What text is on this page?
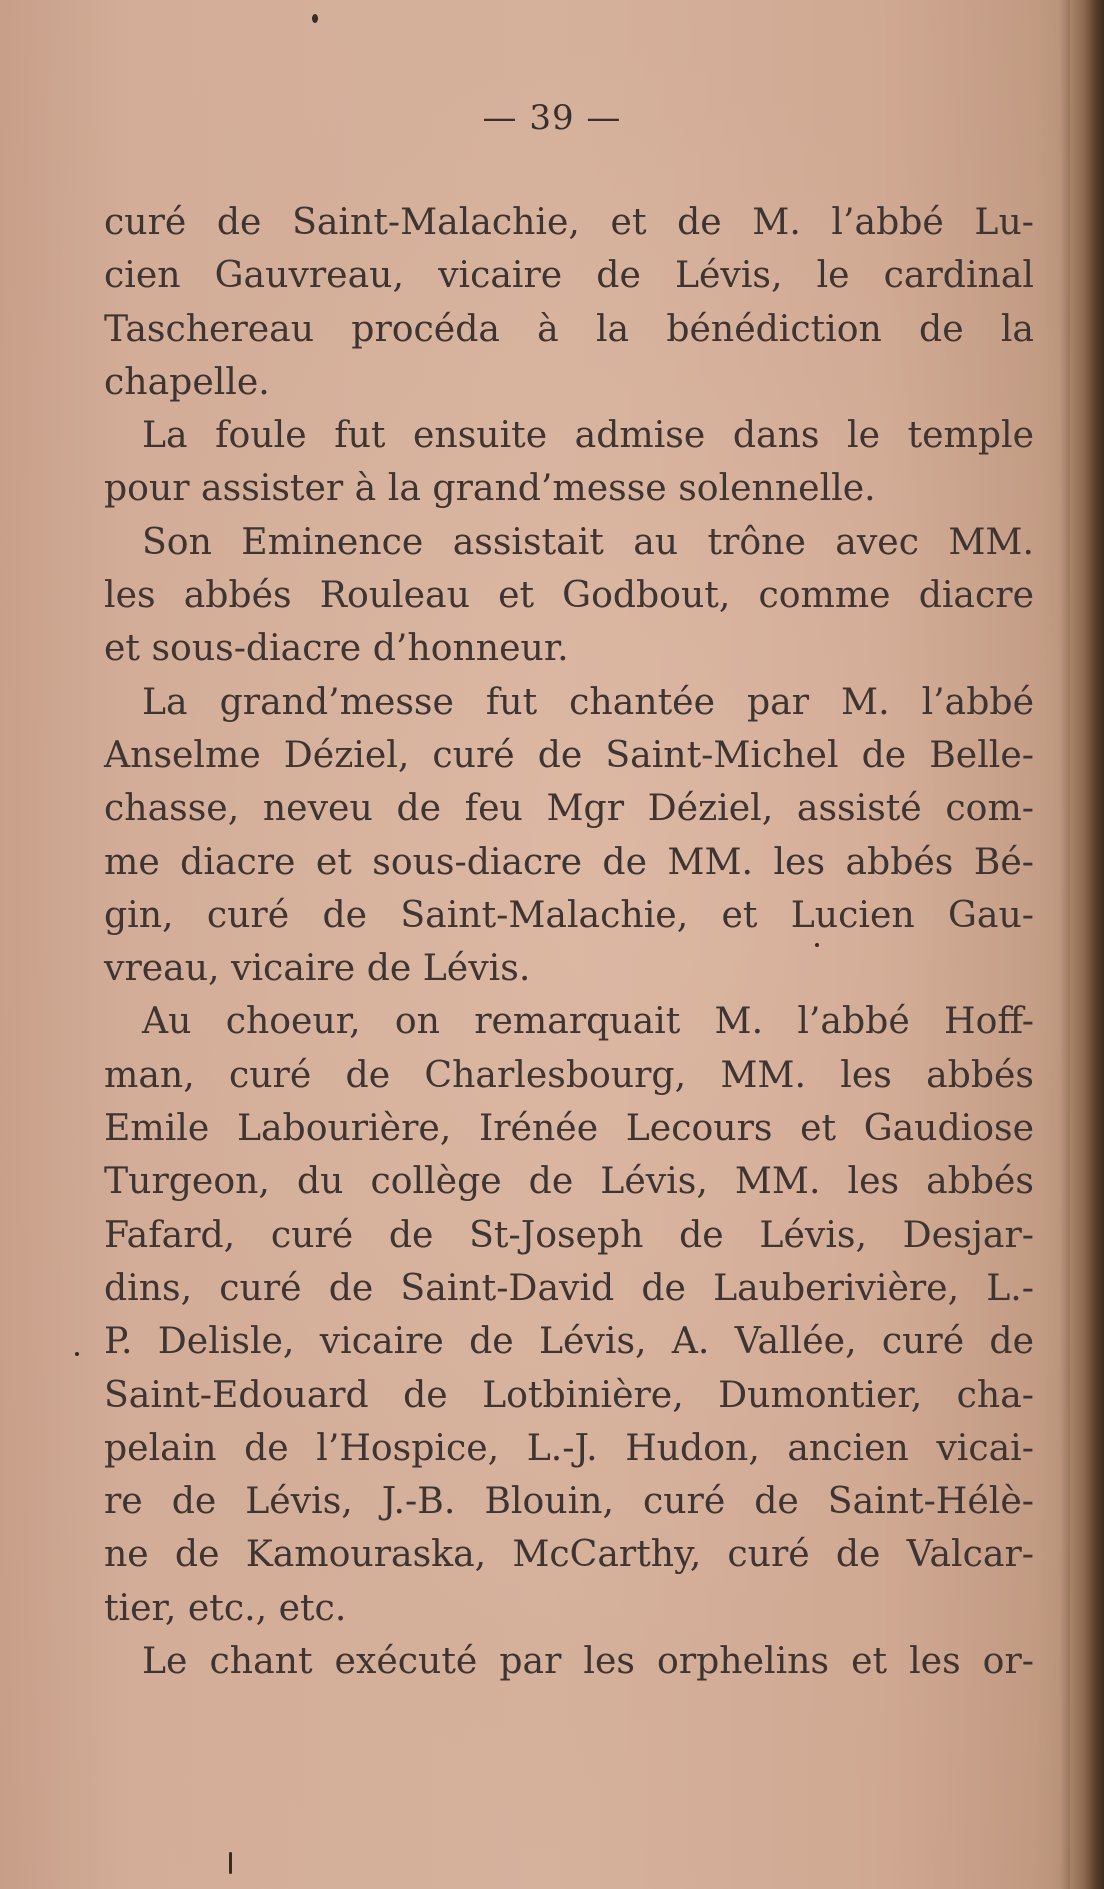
— 39 —
curé de Saint-Malachie, et de M. l’abbé Lu-
cien Gauvreau, vicaire de Lévis, le cardinal
Taschereau procéda à la bénédiction de la
chapelle.
La foule fut ensuite admise dans le temple
pour assister à la grand’messe solennelle.
Son Eminence assistait au trône avec MM.
les abbés Rouleau et Godbout, comme diacre
et sous-diacre d’honneur.
La grand’messe fut chantée par M. l’abbé
Anselme Déziel, curé de Saint-Michel de Belle-
chasse, neveu de feu Mgr Déziel, assisté com-
me diacre et sous-diacre de MM. les abbés Bé-
gin, curé de Saint-Malachie, et Lucien Gau-
vreau, vicaire de Lévis.
Au choeur, on remarquait M. l’abbé Hoff-
man, curé de Charlesbourg, MM. les abbés
Emile Labourière, Irénée Lecours et Gaudiose
Turgeon, du collège de Lévis, MM. les abbés
Fafard, curé de St-Joseph de Lévis, Desjar-
dins, curé de Saint-David de Lauberivière, L.-
P. Delisle, vicaire de Lévis, A. Vallée, curé de
Saint-Edouard de Lotbinière, Dumontier, cha-
pelain de l’Hospice, L.-J. Hudon, ancien vicai-
re de Lévis, J.-B. Blouin, curé de Saint-Hélè-
ne de Kamouraska, McCarthy, curé de Valcar-
tier, etc., etc.
Le chant exécuté par les orphelins et les or-
